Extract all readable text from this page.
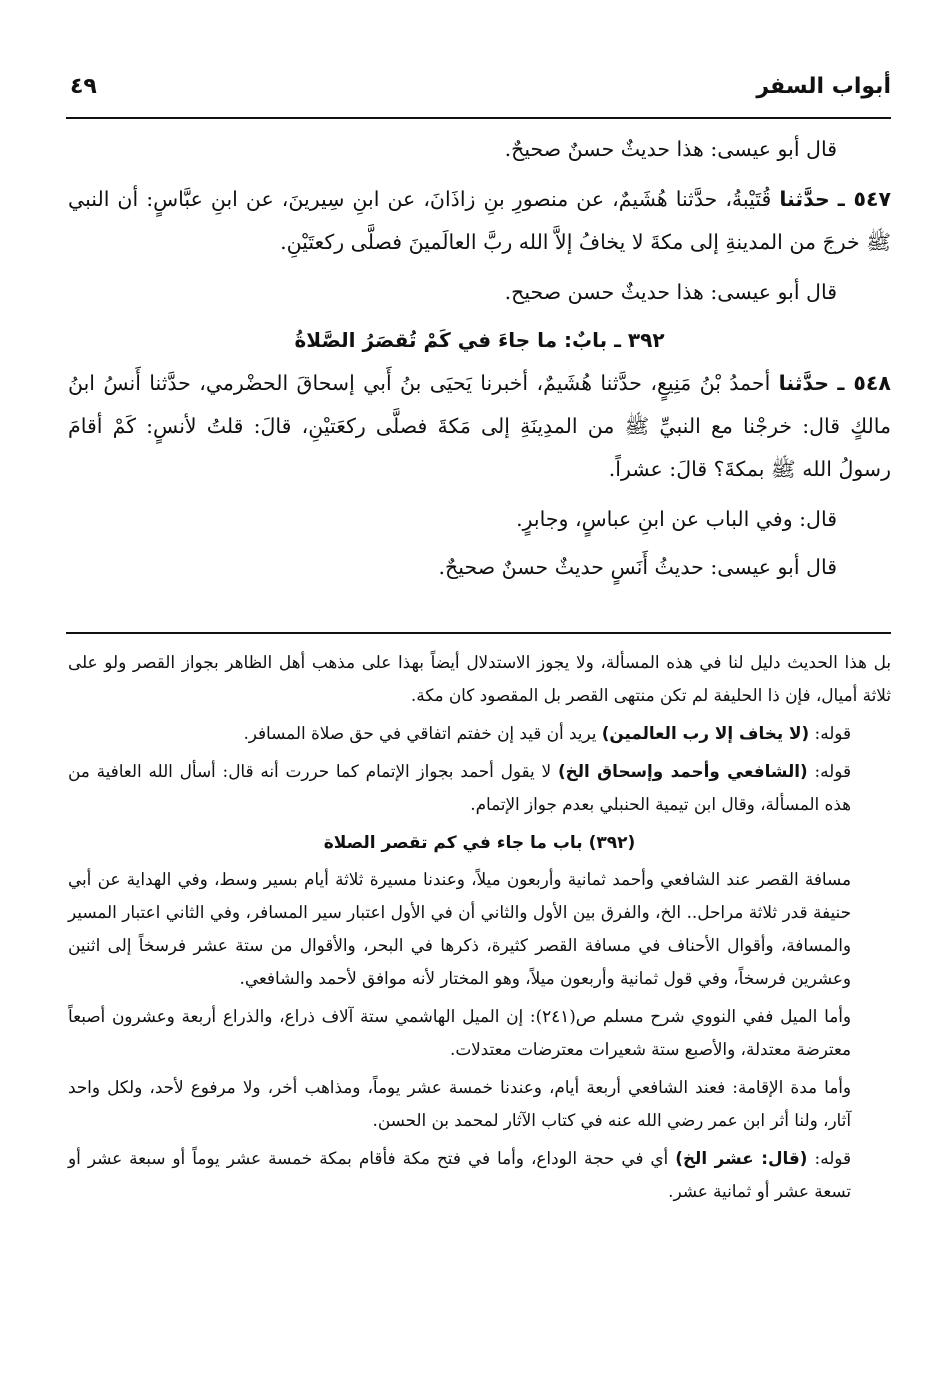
أبواب السفر
٤٩

قال أبو عيسى: هذا حديثٌ حسنٌ صحيحٌ.

٥٤٧ ـ حدَّثنا قُتَيْبةُ، حدَّثنا هُشَيمٌ، عن منصورِ بنِ زاذَانَ، عن ابنِ سِيرينَ، عن ابنِ عبَّاسٍ: أن النبي ﷺ خرجَ من المدينةِ إلى مكةَ لا يخافُ إلاَّ الله ربَّ العالَمينَ فصلَّى ركعتَيْنِ.

قال أبو عيسى: هذا حديثٌ حسن صحيح.

٣٩٢ ـ بابٌ: ما جاءَ في كَمْ تُقصَرُ الصَّلاةُ

٥٤٨ ـ حدَّثنا أحمدُ بْنُ مَنِيعٍ، حدَّثنا هُشَيمٌ، أخبرنا يَحيَى بنُ أَبي إسحاقَ الحضْرمي، حدَّثنا أَنسُ ابنُ مالكٍ قال: خرجْنا مع النبيِّ ﷺ من المدِينَةِ إلى مَكةَ فصلَّى ركعَتيْنِ، قالَ: قلتُ لأنسٍ: كَمْ أقامَ رسولُ الله ﷺ بمكةَ؟ قالَ: عشراً.

قال: وفي الباب عن ابنِ عباسٍ، وجابرٍ.

قال أبو عيسى: حديثُ أَنَسٍ حديثٌ حسنٌ صحيحٌ.

بل هذا الحديث دليل لنا في هذه المسألة، ولا يجوز الاستدلال أيضاً بهذا على مذهب أهل الظاهر بجواز القصر ولو على ثلاثة أميال، فإن ذا الحليفة لم تكن منتهى القصر بل المقصود كان مكة.

قوله: (لا يخاف إلا رب العالمين) يريد أن قيد إن خفتم اتفاقي في حق صلاة المسافر.

قوله: (الشافعي وأحمد وإسحاق الخ) لا يقول أحمد بجواز الإتمام كما حررت أنه قال: أسأل الله العافية من هذه المسألة، وقال ابن تيمية الحنبلي بعدم جواز الإتمام.

(٣٩٢) باب ما جاء في كم تقصر الصلاة

مسافة القصر عند الشافعي وأحمد ثمانية وأربعون ميلاً، وعندنا مسيرة ثلاثة أيام بسير وسط، وفي الهداية عن أبي حنيفة قدر ثلاثة مراحل.. الخ، والفرق بين الأول والثاني أن في الأول اعتبار سير المسافر، وفي الثاني اعتبار المسير والمسافة، وأقوال الأحناف في مسافة القصر كثيرة، ذكرها في البحر، والأقوال من ستة عشر فرسخاً إلى اثنين وعشرين فرسخاً، وفي قول ثمانية وأربعون ميلاً، وهو المختار لأنه موافق لأحمد والشافعي.

وأما الميل ففي النووي شرح مسلم ص(٢٤١): إن الميل الهاشمي ستة آلاف ذراع، والذراع أربعة وعشرون أصبعاً معترضة معتدلة، والأصبع ستة شعيرات معترضات معتدلات.

وأما مدة الإقامة: فعند الشافعي أربعة أيام، وعندنا خمسة عشر يوماً، ومذاهب أخر، ولا مرفوع لأحد، ولكل واحد آثار، ولنا أثر ابن عمر رضي الله عنه في كتاب الآثار لمحمد بن الحسن.

قوله: (قال: عشر الخ) أي في حجة الوداع، وأما في فتح مكة فأقام بمكة خمسة عشر يوماً أو سبعة عشر أو تسعة عشر أو ثمانية عشر.
